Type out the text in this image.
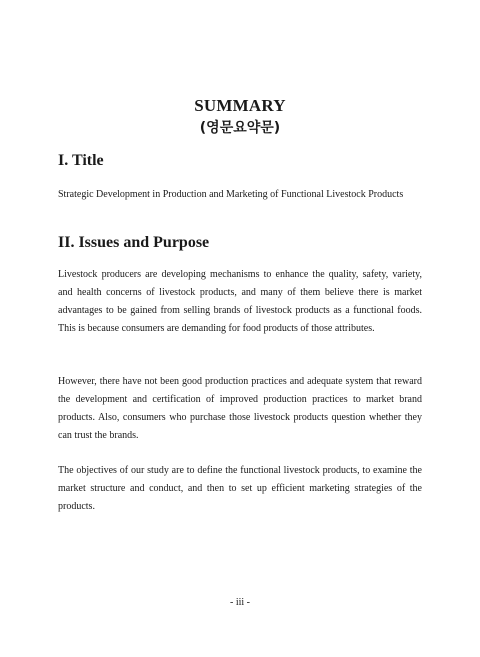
SUMMARY
(영문요약문)
I. Title
Strategic Development in Production and Marketing of Functional Livestock Products
II. Issues and Purpose

Livestock producers are developing mechanisms to enhance the quality, safety, variety, and health concerns of livestock products, and many of them believe there is market advantages to be gained from selling brands of livestock products as a functional foods. This is because consumers are demanding for food products of those attributes.

However, there have not been good production practices and adequate system that reward the development and certification of improved production practices to market brand products. Also, consumers who purchase those livestock products question whether they can trust the brands.

The objectives of our study are to define the functional livestock products, to examine the market structure and conduct, and then to set up efficient marketing strategies of the products.

- iii -
